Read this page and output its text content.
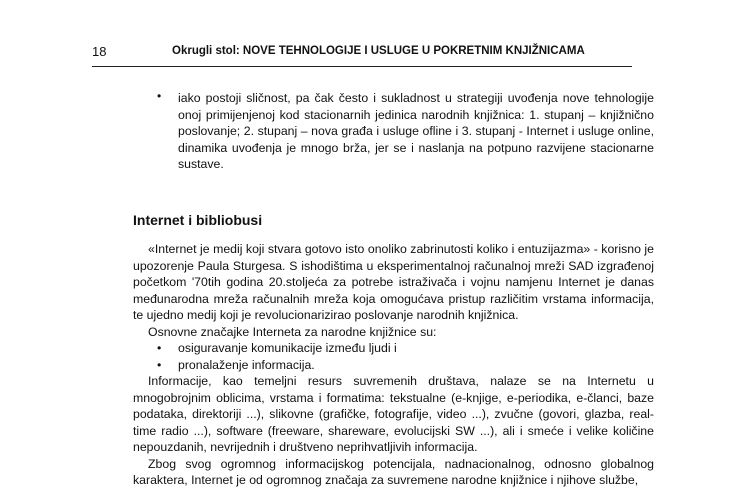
18	Okrugli stol: NOVE TEHNOLOGIJE I USLUGE U POKRETNIM KNJIŽNICAMA
• iako postoji sličnost, pa čak često i sukladnost u strategiji uvođenja nove tehnologije onoj primijenjenoj kod stacionarnih jedinica narodnih knjižnica: 1. stupanj – knjižnično poslovanje; 2. stupanj – nova građa i usluge ofline i 3. stupanj - Internet i usluge online, dinamika uvođenja je mnogo brža, jer se i naslanja na potpuno razvijene stacionarne sustave.
Internet i bibliobusi

«Internet je medij koji stvara gotovo isto onoliko zabrinutosti koliko i entuzijazma» - korisno je upozorenje Paula Sturgesa. S ishodištima u eksperimentalnoj računalnoj mreži SAD izgrađenoj početkom '70tih godina 20.stoljeća za potrebe istraživača i vojnu namjenu Internet je danas međunarodna mreža računalnih mreža koja omogućava pristup različitim vrstama informacija, te ujedno medij koji je revolucionarizirao poslovanje narodnih knjižnica.

Osnovne značajke Interneta za narodne knjižnice su:

• osiguravanje komunikacije između ljudi i
• pronalaženje informacija.

Informacije, kao temeljni resurs suvremenih društava, nalaze se na Internetu u mnogobrojnim oblicima, vrstama i formatima: tekstualne (e-knjige, e-periodika, e-članci, baze podataka, direktoriji ...), slikovne (grafičke, fotografije, video ...), zvučne (govori, glazba, real-time radio ...), software (freeware, shareware, evolucijski SW ...), ali i smeće i velike količine nepouzdanih, nevrijednih i društveno neprihvatljivih informacija.

Zbog svog ogromnog informacijskog potencijala, nadnacionalnog, odnosno globalnog karaktera, Internet je od ogromnog značaja za suvremene narodne knjižnice i njihove službe,
